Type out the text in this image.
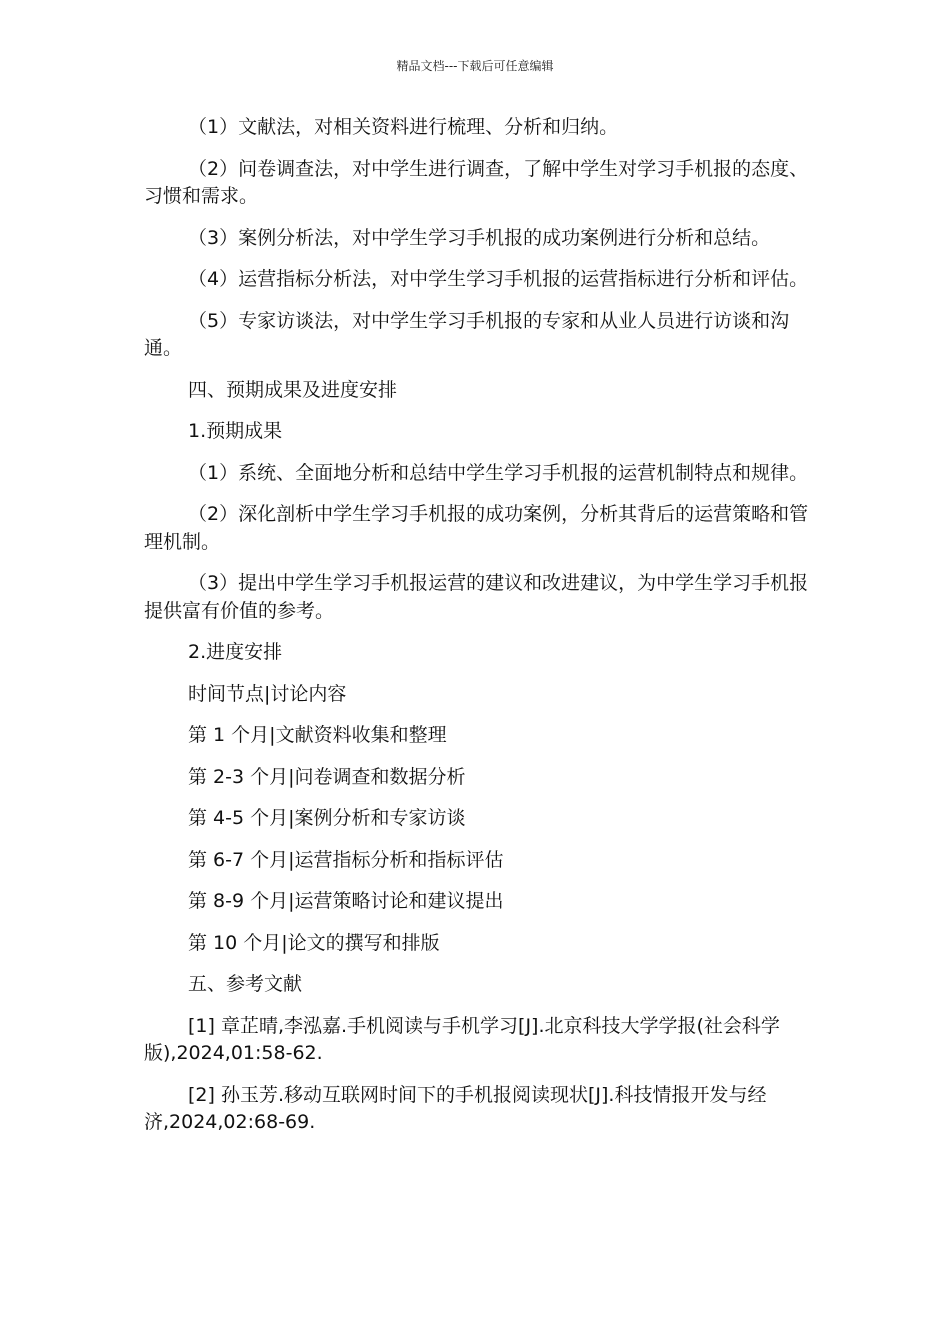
精品文档---下载后可任意编辑

（1）文献法，对相关资料进行梳理、分析和归纳。

（2）问卷调查法，对中学生进行调查，了解中学生对学习手机报的态度、习惯和需求。

（3）案例分析法，对中学生学习手机报的成功案例进行分析和总结。

（4）运营指标分析法，对中学生学习手机报的运营指标进行分析和评估。

（5）专家访谈法，对中学生学习手机报的专家和从业人员进行访谈和沟通。

四、预期成果及进度安排

1.预期成果

（1）系统、全面地分析和总结中学生学习手机报的运营机制特点和规律。

（2）深化剖析中学生学习手机报的成功案例，分析其背后的运营策略和管理机制。

（3）提出中学生学习手机报运营的建议和改进建议，为中学生学习手机报提供富有价值的参考。

2.进度安排

时间节点|讨论内容

第 1 个月|文献资料收集和整理

第 2-3 个月|问卷调查和数据分析

第 4-5 个月|案例分析和专家访谈

第 6-7 个月|运营指标分析和指标评估

第 8-9 个月|运营策略讨论和建议提出

第 10 个月|论文的撰写和排版

五、参考文献

[1] 章芷晴,李泓嘉.手机阅读与手机学习[J].北京科技大学学报(社会科学版),2024,01:58-62.

[2] 孙玉芳.移动互联网时间下的手机报阅读现状[J].科技情报开发与经济,2024,02:68-69.
